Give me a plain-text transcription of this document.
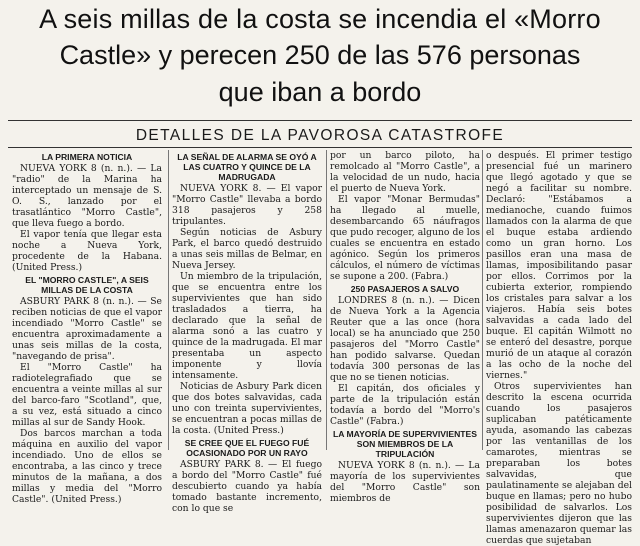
A seis millas de la costa se incendia el «Morro
Castle» y perecen 250 de las 576 personas
que iban a bordo
DETALLES DE LA PAVOROSA CATASTROFE
LA PRIMERA NOTICIA

NUEVA YORK 8 (n. n.). — La "radio" de la Marina ha interceptado un mensaje de S. O. S., lanzado por el trasatlántico "Morro Castle", que lleva fuego a bordo.

El vapor tenía que llegar esta noche a Nueva York, procedente de la Habana. (United Press.)

EL "MORRO CASTLE", A SEIS MILLAS DE LA COSTA

ASBURY PARK 8 (n. n.). — Se reciben noticias de que el vapor incendiado "Morro Castle" se encuentra aproximadamente a unas seis millas de la costa, "navegando de prisa".

El "Morro Castle" ha radiotelegrafiado que se encuentra a veinte millas al sur del barco-faro "Scotland", que, a su vez, está situado a cinco millas al sur de Sandy Hook.

Dos barcos marchan a toda máquina en auxilio del vapor incendiado. Uno de ellos se encontraba, a las cinco y trece minutos de la mañana, a dos millas y media del "Morro Castle". (United Press.)

LA SEÑAL DE ALARMA SE OYÓ A LAS CUATRO Y QUINCE DE LA MADRUGADA

NUEVA YORK 8. — El vapor "Morro Castle" llevaba a bordo 318 pasajeros y 258 tripulantes.

Según noticias de Asbury Park, el barco quedó destruido a unas seis millas de Belmar, en Nueva Jersey.

Un miembro de la tripulación, que se encuentra entre los supervivientes que han sido trasladados a tierra, ha declarado que la señal de alarma sonó a las cuatro y quince de la madrugada. El mar presentaba un aspecto imponente y llovía intensamente.

Noticias de Asbury Park dicen que dos botes salvavidas, cada uno con treinta supervivientes, se encuentran a pocas millas de la costa. (United Press.)

SE CREE QUE EL FUEGO FUÉ OCASIONADO POR UN RAYO

ASBURY PARK 8. — El fuego a bordo del "Morro Castle" fué descubierto cuando ya había tomado bastante incremento, con lo que se

por un barco piloto, ha remolcado al "Morro Castle", a la velocidad de un nudo, hacia el puerto de Nueva York.

El vapor "Monar Bermudas" ha llegado al muelle, desembarcando 65 náufragos que pudo recoger, alguno de los cuales se encuentra en estado agónico. Según los primeros cálculos, el número de víctimas se supone a 200. (Fabra.)

250 PASAJEROS A SALVO

LONDRES 8 (n. n.). — Dicen de Nueva York a la Agencia Reuter que a las once (hora local) se ha anunciado que 250 pasajeros del "Morro Castle" han podido salvarse. Quedan todavía 300 personas de las que no se tienen noticias.

El capitán, dos oficiales y parte de la tripulación están todavía a bordo del "Morro's Castle" (Fabra.)

LA MAYORÍA DE SUPERVIVIENTES SON MIEMBROS DE LA TRIPULACIÓN

NUEVA YORK 8 (n. n.). — La mayoría de los supervivientes del "Morro Castle" son miembros de

o después. El primer testigo presencial fué un marinero que llegó agotado y que se negó a facilitar su nombre. Declaró: "Estábamos a medianoche, cuando fuimos llamados con la alarma de que el buque estaba ardiendo como un gran horno. Los pasillos eran una masa de llamas, imposibilitando pasar por ellos. Corrimos por la cubierta exterior, rompiendo los cristales para salvar a los viajeros. Había seis botes salvavidas a cada lado del buque. El capitán Wilmott no se enteró del desastre, porque murió de un ataque al corazón a las ocho de la noche del viernes."

Otros supervivientes han descrito la escena ocurrida cuando los pasajeros suplicaban patéticamente ayuda, asomando las cabezas por las ventanillas de los camarotes, mientras se preparaban los botes salvavidas, que paulatinamente se alejaban del buque en llamas; pero no hubo posibilidad de salvarlos. Los supervivientes dijeron que las llamas amenazaron quemar las cuerdas que sujetaban
